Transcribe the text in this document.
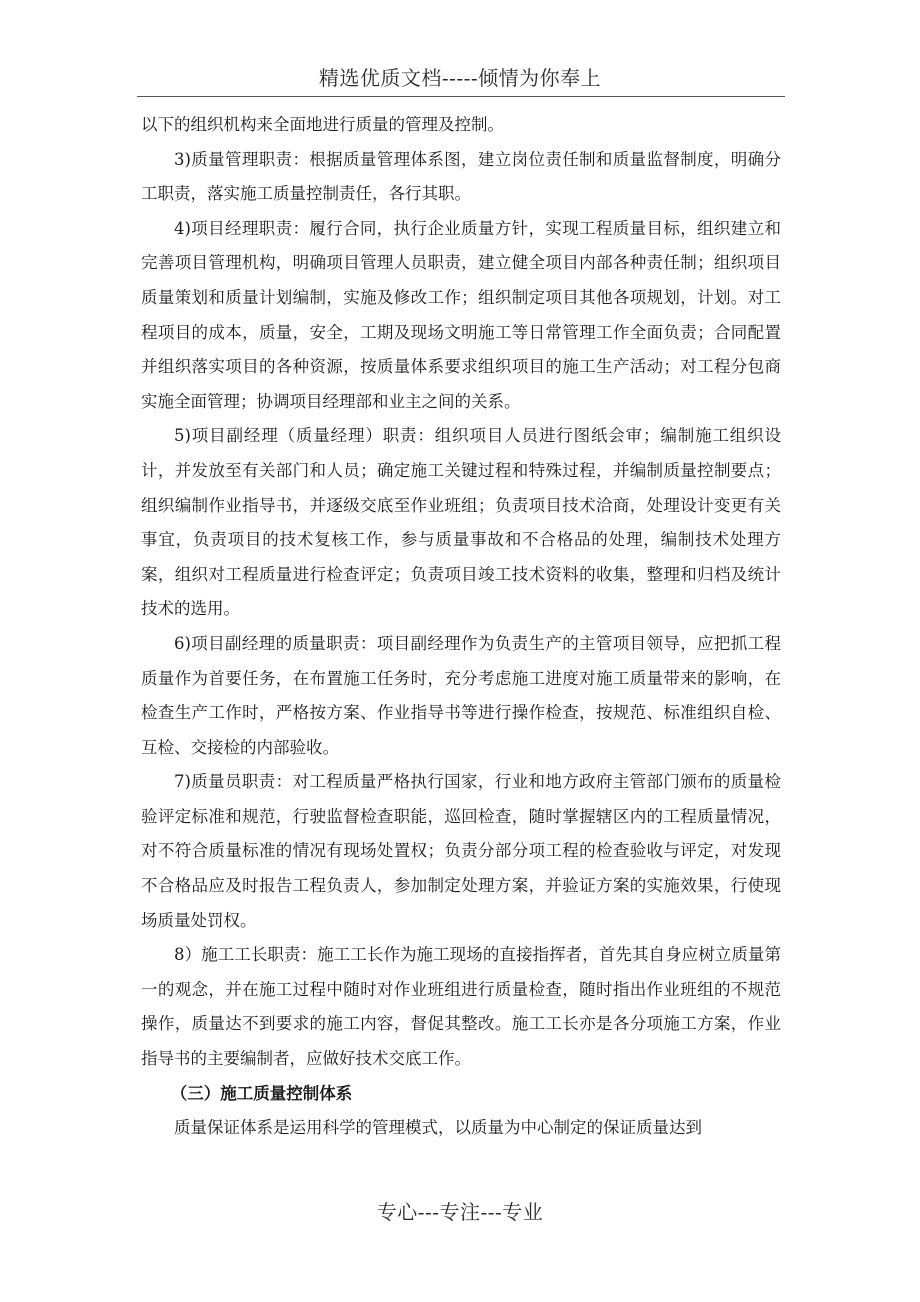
精选优质文档-----倾情为你奉上

以下的组织机构来全面地进行质量的管理及控制。

3)质量管理职责：根据质量管理体系图，建立岗位责任制和质量监督制度，明确分工职责，落实施工质量控制责任，各行其职。

4)项目经理职责：履行合同，执行企业质量方针，实现工程质量目标，组织建立和完善项目管理机构，明确项目管理人员职责，建立健全项目内部各种责任制；组织项目质量策划和质量计划编制，实施及修改工作；组织制定项目其他各项规划，计划。对工程项目的成本，质量，安全，工期及现场文明施工等日常管理工作全面负责；合同配置并组织落实项目的各种资源，按质量体系要求组织项目的施工生产活动；对工程分包商实施全面管理；协调项目经理部和业主之间的关系。

5)项目副经理（质量经理）职责：组织项目人员进行图纸会审；编制施工组织设计，并发放至有关部门和人员；确定施工关键过程和特殊过程，并编制质量控制要点；组织编制作业指导书，并逐级交底至作业班组；负责项目技术洽商，处理设计变更有关事宜，负责项目的技术复核工作，参与质量事故和不合格品的处理，编制技术处理方案，组织对工程质量进行检查评定；负责项目竣工技术资料的收集，整理和归档及统计技术的选用。

6)项目副经理的质量职责：项目副经理作为负责生产的主管项目领导，应把抓工程质量作为首要任务，在布置施工任务时，充分考虑施工进度对施工质量带来的影响，在检查生产工作时，严格按方案、作业指导书等进行操作检查，按规范、标准组织自检、互检、交接检的内部验收。

7)质量员职责：对工程质量严格执行国家，行业和地方政府主管部门颁布的质量检验评定标准和规范，行驶监督检查职能，巡回检查，随时掌握辖区内的工程质量情况，对不符合质量标准的情况有现场处置权；负责分部分项工程的检查验收与评定，对发现不合格品应及时报告工程负责人，参加制定处理方案，并验证方案的实施效果，行使现场质量处罚权。

8）施工工长职责：施工工长作为施工现场的直接指挥者，首先其自身应树立质量第一的观念，并在施工过程中随时对作业班组进行质量检查，随时指出作业班组的不规范操作，质量达不到要求的施工内容，督促其整改。施工工长亦是各分项施工方案，作业指导书的主要编制者，应做好技术交底工作。

（三）施工质量控制体系

质量保证体系是运用科学的管理模式，以质量为中心制定的保证质量达到

专心---专注---专业
